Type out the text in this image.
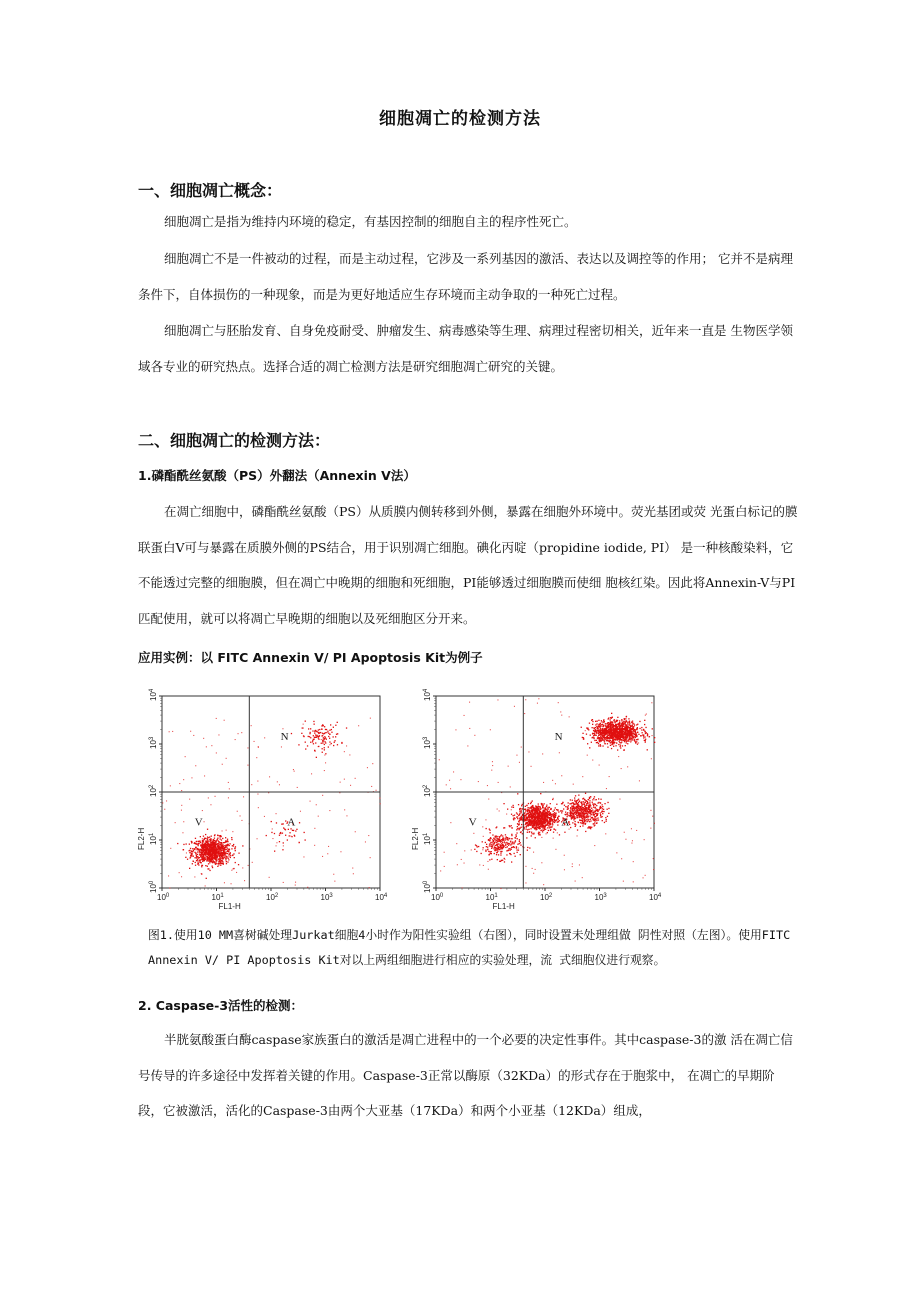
细胞凋亡的检测方法
一、细胞凋亡概念：

细胞凋亡是指为维持内环境的稳定，有基因控制的细胞自主的程序性死亡。

细胞凋亡不是一件被动的过程，而是主动过程，它涉及一系列基因的激活、表达以及调控等的作用； 它并不是病理条件下，自体损伤的一种现象，而是为更好地适应生存环境而主动争取的一种死亡过程。

细胞凋亡与胚胎发育、自身免疫耐受、肿瘤发生、病毒感染等生理、病理过程密切相关，近年来一直是 生物医学领域各专业的研究热点。选择合适的凋亡检测方法是研究细胞凋亡研究的关键。

二、细胞凋亡的检测方法：
1.磷酯酰丝氨酸（PS）外翻法（Annexin V法）

在凋亡细胞中，磷酯酰丝氨酸（PS）从质膜内侧转移到外侧，暴露在细胞外环境中。荧光基团或荧 光蛋白标记的膜联蛋白V可与暴露在质膜外侧的PS结合，用于识别凋亡细胞。碘化丙啶（propidine iodide, PI） 是一种核酸染料，它不能透过完整的细胞膜，但在凋亡中晚期的细胞和死细胞，PI能够透过细胞膜而使细 胞核红染。因此将Annexin-V与PI匹配使用，就可以将凋亡早晚期的细胞以及死细胞区分开来。

应用实例：以 FITC Annexin V/ PI Apoptosis Kit为例子
$10^0$
$10^0$
$10^1$
$10^1$
$10^2$
$10^2$
$10^3$
$10^3$
$10^4$
$10^4$
FL1-H
FL2-H
N
V	A
$10^0$
$10^0$
$10^1$
$10^1$
$10^2$
$10^2$
$10^3$
$10^3$
$10^4$
$10^4$
FL1-H
FL2-H
N
V	A

图1.使用10 MM喜树碱处理Jurkat细胞4小时作为阳性实验组（右图），同时设置未处理组做 阴性对照（左图）。使用FITC Annexin V/ PI Apoptosis Kit对以上两组细胞进行相应的实验处理，流 式细胞仪进行观察。

2. Caspase-3活性的检测：

半胱氨酸蛋白酶caspase家族蛋白的激活是凋亡进程中的一个必要的决定性事件。其中caspase-3的激 活在凋亡信号传导的许多途径中发挥着关键的作用。Caspase-3正常以酶原（32KDa）的形式存在于胞浆中， 在凋亡的早期阶段，它被激活，活化的Caspase-3由两个大亚基（17KDa）和两个小亚基（12KDa）组成，
